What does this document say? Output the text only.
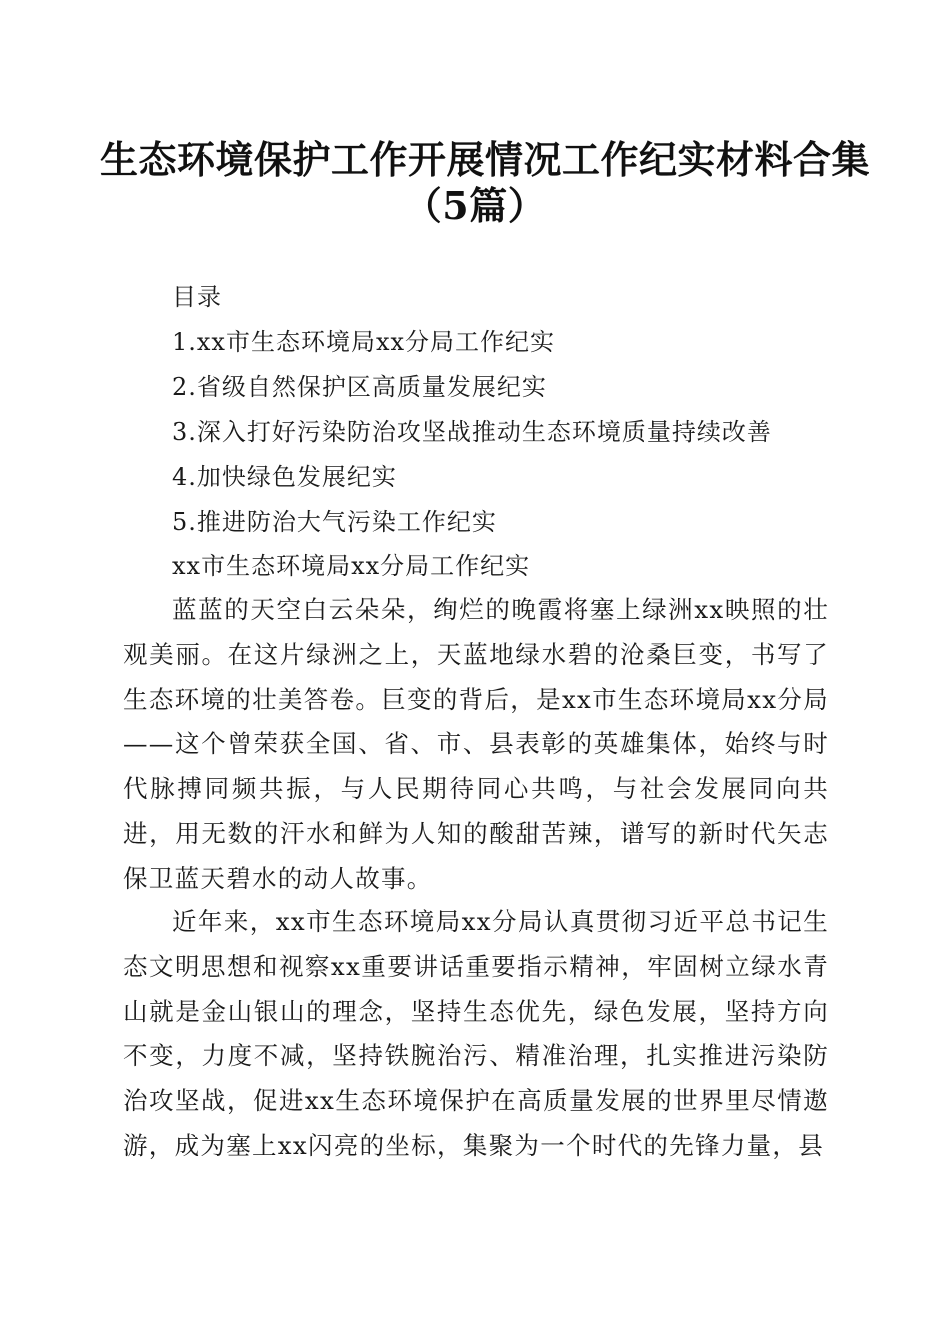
生态环境保护工作开展情况工作纪实材料合集
（5篇）
目录
1.xx市生态环境局xx分局工作纪实
2.省级自然保护区高质量发展纪实
3.深入打好污染防治攻坚战推动生态环境质量持续改善
4.加快绿色发展纪实
5.推进防治大气污染工作纪实
xx市生态环境局xx分局工作纪实

蓝蓝的天空白云朵朵，绚烂的晚霞将塞上绿洲xx映照的壮观美丽。在这片绿洲之上，天蓝地绿水碧的沧桑巨变，书写了生态环境的壮美答卷。巨变的背后，是xx市生态环境局xx分局——这个曾荣获全国、省、市、县表彰的英雄集体，始终与时代脉搏同频共振，与人民期待同心共鸣，与社会发展同向共进，用无数的汗水和鲜为人知的酸甜苦辣，谱写的新时代矢志保卫蓝天碧水的动人故事。

近年来，xx市生态环境局xx分局认真贯彻习近平总书记生态文明思想和视察xx重要讲话重要指示精神，牢固树立绿水青山就是金山银山的理念，坚持生态优先，绿色发展，坚持方向不变，力度不减，坚持铁腕治污、精准治理，扎实推进污染防治攻坚战，促进xx生态环境保护在高质量发展的世界里尽情遨游，成为塞上xx闪亮的坐标，集聚为一个时代的先锋力量，县
